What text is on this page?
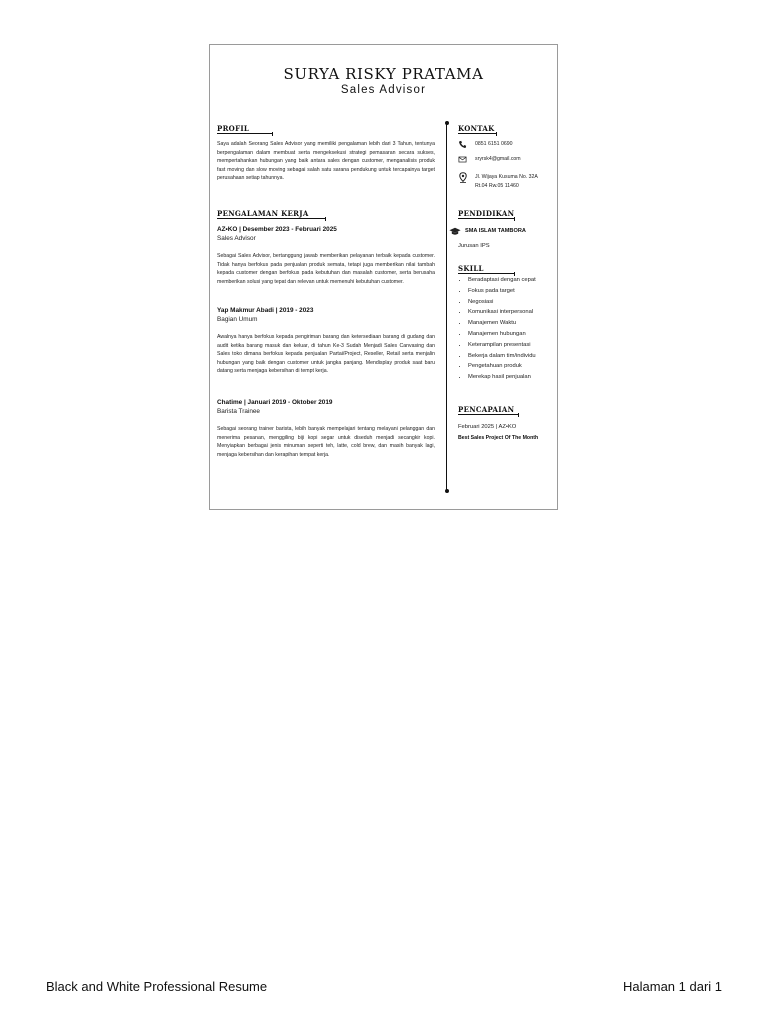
SURYA RISKY PRATAMA
Sales Advisor
PROFIL
Saya adalah Seorang Sales Advisor yang memiliki pengalaman lebih dari 3 Tahun, tentunya berpengalaman dalam membuat serta mengeksekusi strategi pemasaran secara sukses, mempertahankan hubungan yang baik antara sales dengan customer, menganalisis produk fast moving dan slow moving sebagai salah satu sarana pendukung untuk tercapainya target perusahaan setiap tahunnya.
PENGALAMAN KERJA
AZ•KO | Desember 2023 - Februari 2025
Sales Advisor
Sebagai Sales Advisor, bertanggung jawab memberikan pelayanan terbaik kepada customer. Tidak hanya berfokus pada penjualan produk semata, tetapi juga memberikan nilai tambah kepada customer dengan berfokus pada kebutuhan dan masalah customer, serta berusaha memberikan solusi yang tepat dan relevan untuk memenuhi kebutuhan customer.
Yap Makmur Abadi | 2019 - 2023
Bagian Umum
Awalnya hanya berfokus kepada pengiriman barang dan ketersediaan barang di gudang dan audit ketika barang masuk dan keluar, di tahun Ke-3 Sudah Menjadi Sales Canvasing dan Sales toko dimana berfokus kepada penjualan Partai/Project, Reseller, Retail serta menjalin hubungan yang baik dengan customer untuk jangka panjang. Mendisplay produk saat baru datang serta menjaga kebersihan di tempt kerja.
Chatime | Januari 2019 - Oktober 2019
Barista Trainee
Sebagai seorang trainer barista, lebih banyak mempelajari tentang melayani pelanggan dan menerima pesanan, menggiling biji kopi segar untuk diseduh menjadi secangkir kopi. Menyiapkan berbagai jenis minuman seperti teh, latte, cold brew, dan masih banyak lagi, menjaga kebersihan dan kerapihan tempat kerja.
KONTAK
0851 6151 0690
sryrsk4@gmail.com
Jl. Wijaya Kusuma No. 32A
Rt.04 Rw.05 11460
PENDIDIKAN
SMA ISLAM TAMBORA
Jurusan IPS
SKILL
• Beradaptasi dengan cepat
• Fokus pada target
• Negosiasi
• Komunikasi interpersonal
• Manajemen Waktu
• Manajemen hubungan
• Keterampilan presentasi
• Bekerja dalam tim/individu
• Pengetahuan produk
• Merekap hasil penjualan
PENCAPAIAN
Februari 2025 | AZ•KO
Best Sales Project Of The Month
Black and White Professional Resume	Halaman 1 dari 1
